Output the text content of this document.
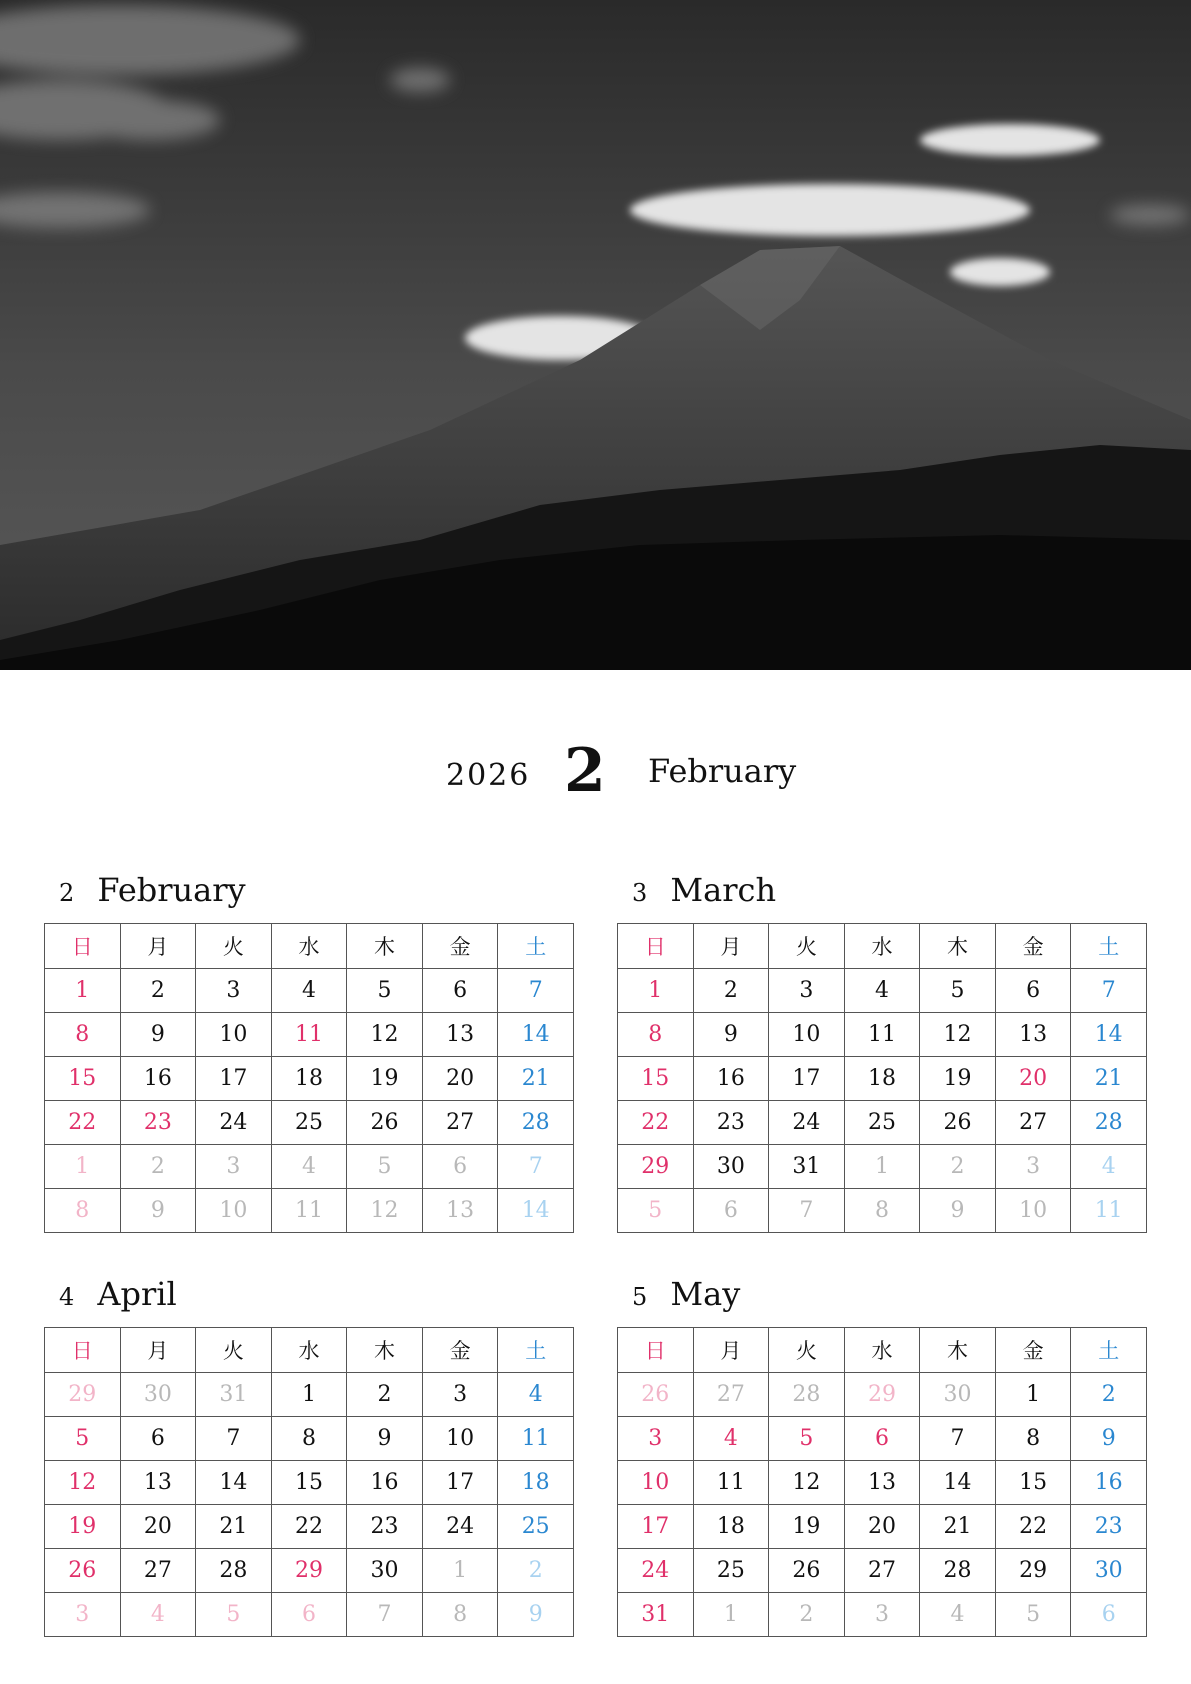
2026 2 February
2 February
日	月	火	水	木	金	土
1	2	3	4	5	6	7
8	9	10	11	12	13	14
15	16	17	18	19	20	21
22	23	24	25	26	27	28
1	2	3	4	5	6	7
8	9	10	11	12	13	14
3 March
日	月	火	水	木	金	土
1	2	3	4	5	6	7
8	9	10	11	12	13	14
15	16	17	18	19	20	21
22	23	24	25	26	27	28
29	30	31	1	2	3	4
5	6	7	8	9	10	11
4 April
日	月	火	水	木	金	土
29	30	31	1	2	3	4
5	6	7	8	9	10	11
12	13	14	15	16	17	18
19	20	21	22	23	24	25
26	27	28	29	30	1	2
3	4	5	6	7	8	9
5 May
日	月	火	水	木	金	土
26	27	28	29	30	1	2
3	4	5	6	7	8	9
10	11	12	13	14	15	16
17	18	19	20	21	22	23
24	25	26	27	28	29	30
31	1	2	3	4	5	6
